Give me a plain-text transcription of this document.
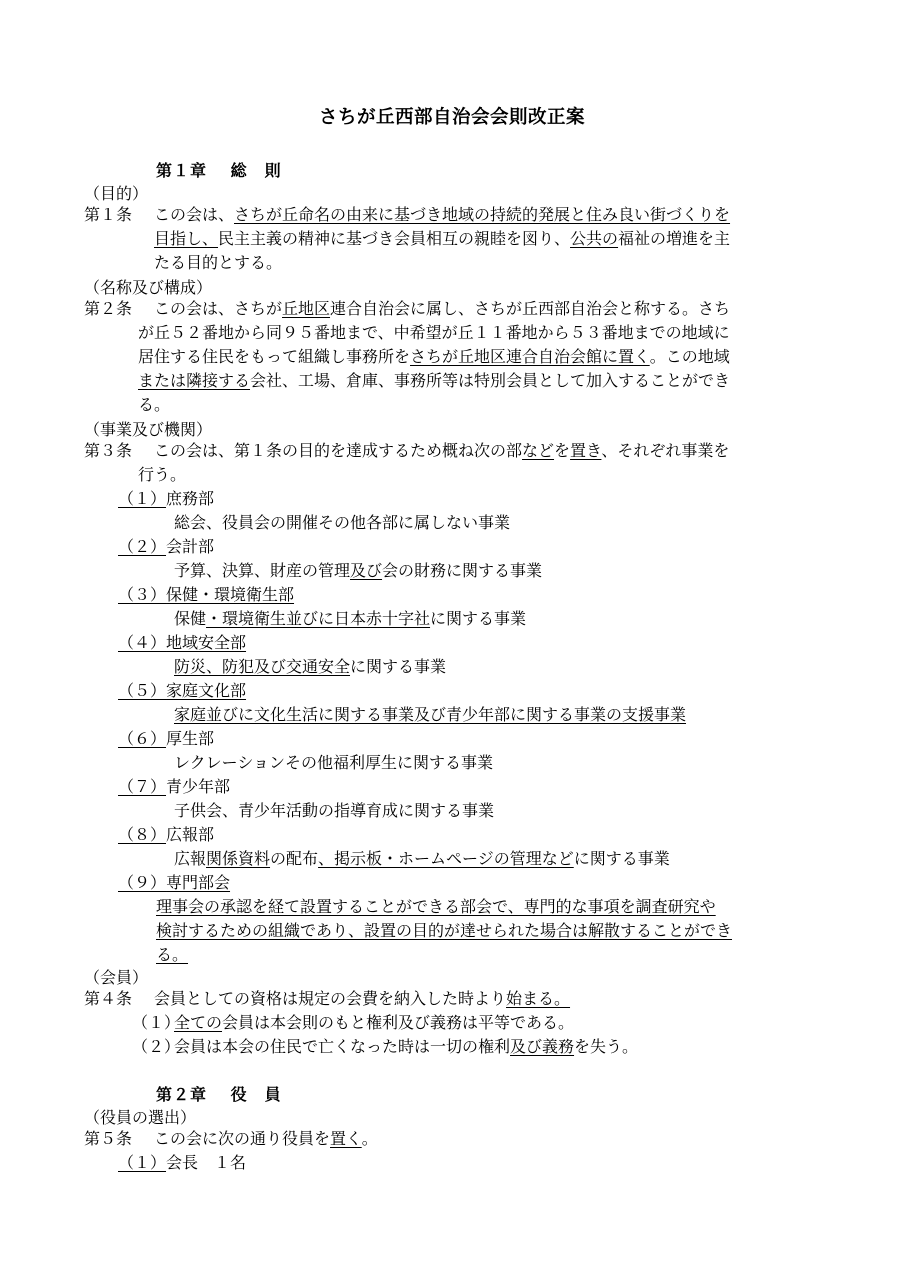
さちが丘西部自治会会則改正案
第１章　 総　則
（目的）
第１条 この会は、さちが丘命名の由来に基づき地域の持続的発展と住み良い街づくりを
目指し、民主主義の精神に基づき会員相互の親睦を図り、公共の福祉の増進を主
たる目的とする。
（名称及び構成）
第２条 この会は、さちが丘地区連合自治会に属し、さちが丘西部自治会と称する。さち
が丘５２番地から同９５番地まで、中希望が丘１１番地から５３番地までの地域に
居住する住民をもって組織し事務所をさちが丘地区連合自治会館に置く。この地域
または隣接する会社、工場、倉庫、事務所等は特別会員として加入することができ
る。
（事業及び機関）
第３条 この会は、第１条の目的を達成するため概ね次の部などを置き、それぞれ事業を
行う。
（１）庶務部
総会、役員会の開催その他各部に属しない事業
（２）会計部
予算、決算、財産の管理及び会の財務に関する事業
（３）保健・環境衛生部
保健・環境衛生並びに日本赤十字社に関する事業
（４）地域安全部
防災、防犯及び交通安全に関する事業
（５）家庭文化部
家庭並びに文化生活に関する事業及び青少年部に関する事業の支援事業
（６）厚生部
レクレーションその他福利厚生に関する事業
（７）青少年部
子供会、青少年活動の指導育成に関する事業
（８）広報部
広報関係資料の配布、掲示板・ホームページの管理などに関する事業
（９）専門部会
理事会の承認を経て設置することができる部会で、専門的な事項を調査研究や
検討するための組織であり、設置の目的が達せられた場合は解散することができ
る。
（会員）
第４条 会員としての資格は規定の会費を納入した時より始まる。
（１）全ての会員は本会則のもと権利及び義務は平等である。
（２）会員は本会の住民で亡くなった時は一切の権利及び義務を失う。
第２章　 役　員
（役員の選出）
第５条 この会に次の通り役員を置く。
（１）会長　 １名
